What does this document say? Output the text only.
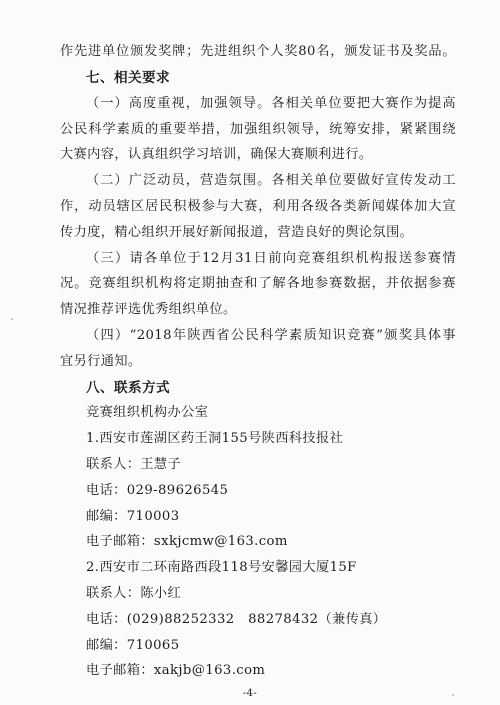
作先进单位颁发奖牌；先进组织个人奖80名，颁发证书及奖品。
七、相关要求
（一）高度重视，加强领导。各相关单位要把大赛作为提高
公民科学素质的重要举措，加强组织领导，统筹安排，紧紧围绕
大赛内容，认真组织学习培训，确保大赛顺利进行。
（二）广泛动员，营造氛围。各相关单位要做好宣传发动工
作，动员辖区居民积极参与大赛，利用各级各类新闻媒体加大宣
传力度，精心组织开展好新闻报道，营造良好的舆论氛围。
（三）请各单位于12月31日前向竞赛组织机构报送参赛情
况。竞赛组织机构将定期抽查和了解各地参赛数据，并依据参赛
情况推荐评选优秀组织单位。
（四）“2018年陕西省公民科学素质知识竞赛”颁奖具体事
宜另行通知。
八、联系方式
竞赛组织机构办公室
1.西安市莲湖区药王洞155号陕西科技报社
联系人：王慧子
电话：029-89626545
邮编：710003
电子邮箱：sxkjcmw@163.com
2.西安市二环南路西段118号安馨园大厦15F
联系人：陈小红
电话：(029)88252332　88278432（兼传真）
邮编：710065
电子邮箱：xakjb@163.com
-4-
